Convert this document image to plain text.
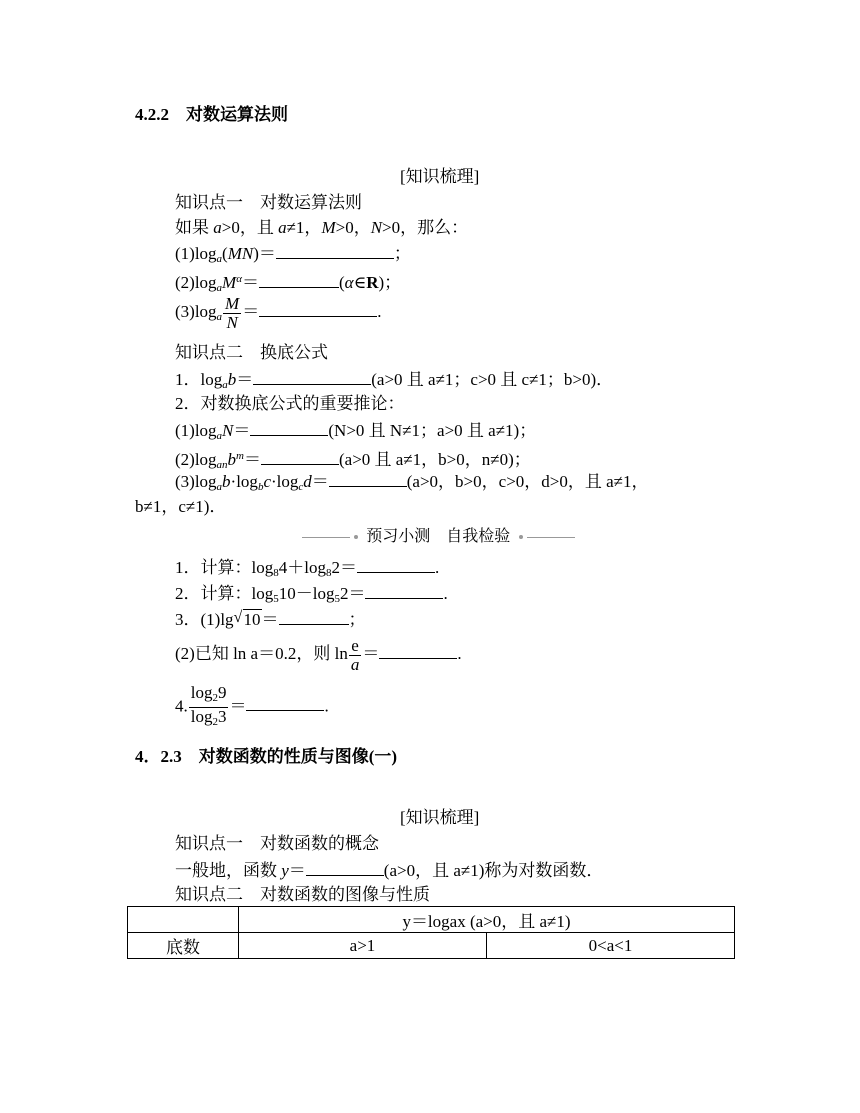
4.2.2　对数运算法则
[知识梳理]
知识点一　对数运算法则
如果 a>0，且 a≠1，M>0，N>0，那么：
$(1)\log_a(MN)=$	；
$(2)\log_aM^\alpha=$	(α∈R)；
$(3)\log_a \frac{M}{N}$ ＝	.
知识点二　换底公式
1．$\log_ab=$	(a>0 且 a≠1；c>0 且 c≠1；b>0)．
2．对数换底公式的重要推论：
$(1)\log_aN=$	(N>0 且 N≠1；a>0 且 a≠1)；
$(2)\log_{an}b^m=$	(a>0 且 a≠1，b>0，n≠0)；
$(3)\log_ab\cdot\log_bc\cdot\log_cd=$	(a>0，b>0，c>0，d>0，且 a≠1，
b≠1，c≠1)．
预习小测　自我检验
1．计算：$\log_84+\log_82=$	.
2．计算：$\log_510-\log_52=$	.
3．(1)lg √ 10＝	；
(2)已知 ln a＝0.2，则 $\ln \frac{e}{a}$ ＝	.
4. $\frac{\log_29}{\log_23}$ ＝	.
4．2.3　对数函数的性质与图像(一)
[知识梳理]
知识点一　对数函数的概念
一般地，函数 y＝	(a>0，且 a≠1)称为对数函数．
知识点二　对数函数的图像与性质
	y＝logax (a>0，且 a≠1)	
底数	a>1	0<a<1
